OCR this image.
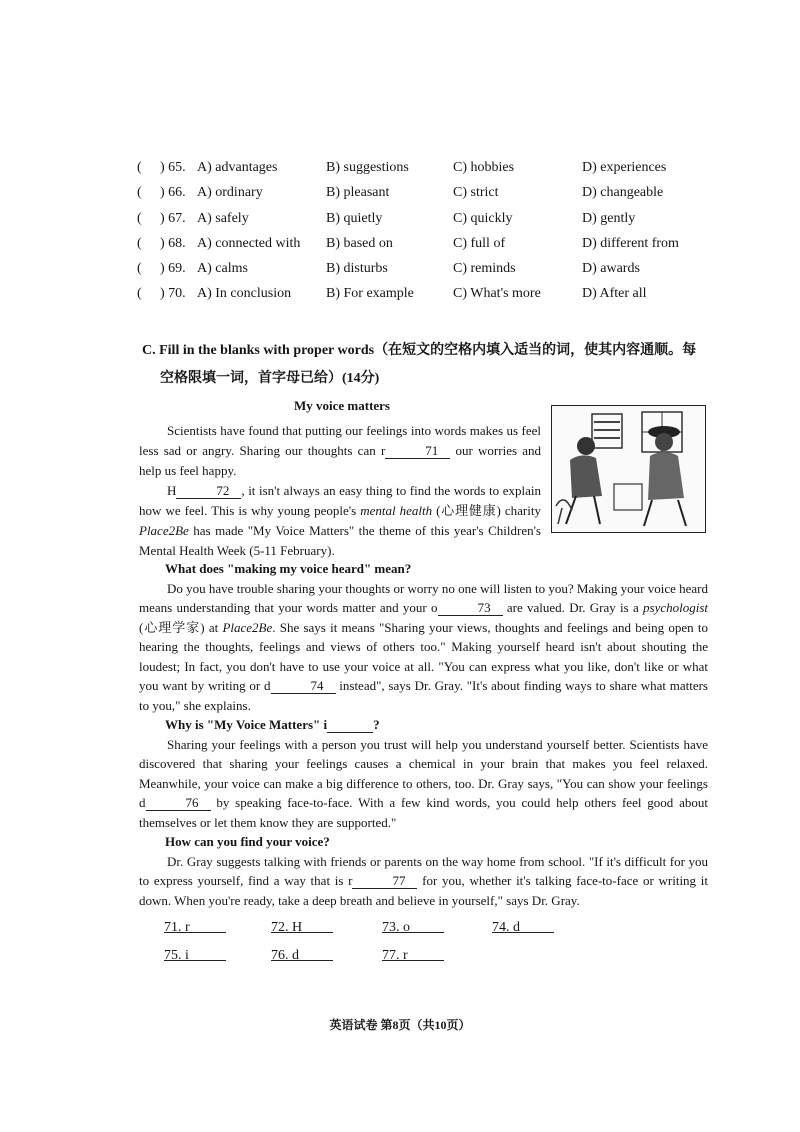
( ) 65. A) advantages	B) suggestions	C) hobbies	D) experiences
( ) 66. A) ordinary	B) pleasant	C) strict	D) changeable
( ) 67. A) safely	B) quietly	C) quickly	D) gently
( ) 68. A) connected with B) based on	C) full of	D) different from
( ) 69. A) calms	B) disturbs	C) reminds	D) awards
( ) 70. A) In conclusion B) For example	C) What's more	D) After all
C. Fill in the blanks with proper words（在短文的空格内填入适当的词，使其内容通顺。每
空格限填一词，首字母已给）(14分)
My voice matters

Scientists have found that putting our feelings into words makes us feel less sad or angry. Sharing our thoughts can r	71 our worries and help us feel happy.

H	72 , it isn't always an easy thing to find the words to explain how we feel. This is why young people's mental health (心理健康) charity Place2Be has made "My Voice Matters" the theme of this year's Children's Mental Health Week (5-11 February).

What does "making my voice heard" mean?

Do you have trouble sharing your thoughts or worry no one will listen to you? Making your voice heard means understanding that your words matter and your o	73 are valued. Dr. Gray is a psychologist (心理学家) at Place2Be. She says it means "Sharing your views, thoughts and feelings and being open to hearing the thoughts, feelings and views of others too." Making yourself heard isn't about shouting the loudest; In fact, you don't have to use your voice at all. "You can express what you like, don't like or what you want by writing or d	74 instead", says Dr. Gray. "It's about finding ways to share what matters to you," she explains.

Why is "My Voice Matters" i	?

Sharing your feelings with a person you trust will help you understand yourself better. Scientists have discovered that sharing your feelings causes a chemical in your brain that makes you feel relaxed. Meanwhile, your voice can make a big difference to others, too. Dr. Gray says, "You can show your feelings d	76 by speaking face-to-face. With a few kind words, you could help others feel good about themselves or let them know they are supported."

How can you find your voice?

Dr. Gray suggests talking with friends or parents on the way home from school. "If it's difficult for you to express yourself, find a way that is r	77 for you, whether it's talking face-to-face or writing it down. When you're ready, take a deep breath and believe in yourself," says Dr. Gray.

71. r	72. H	73. o	74. d
75. i	76. d	77. r
英语试卷 第8页（共10页）
